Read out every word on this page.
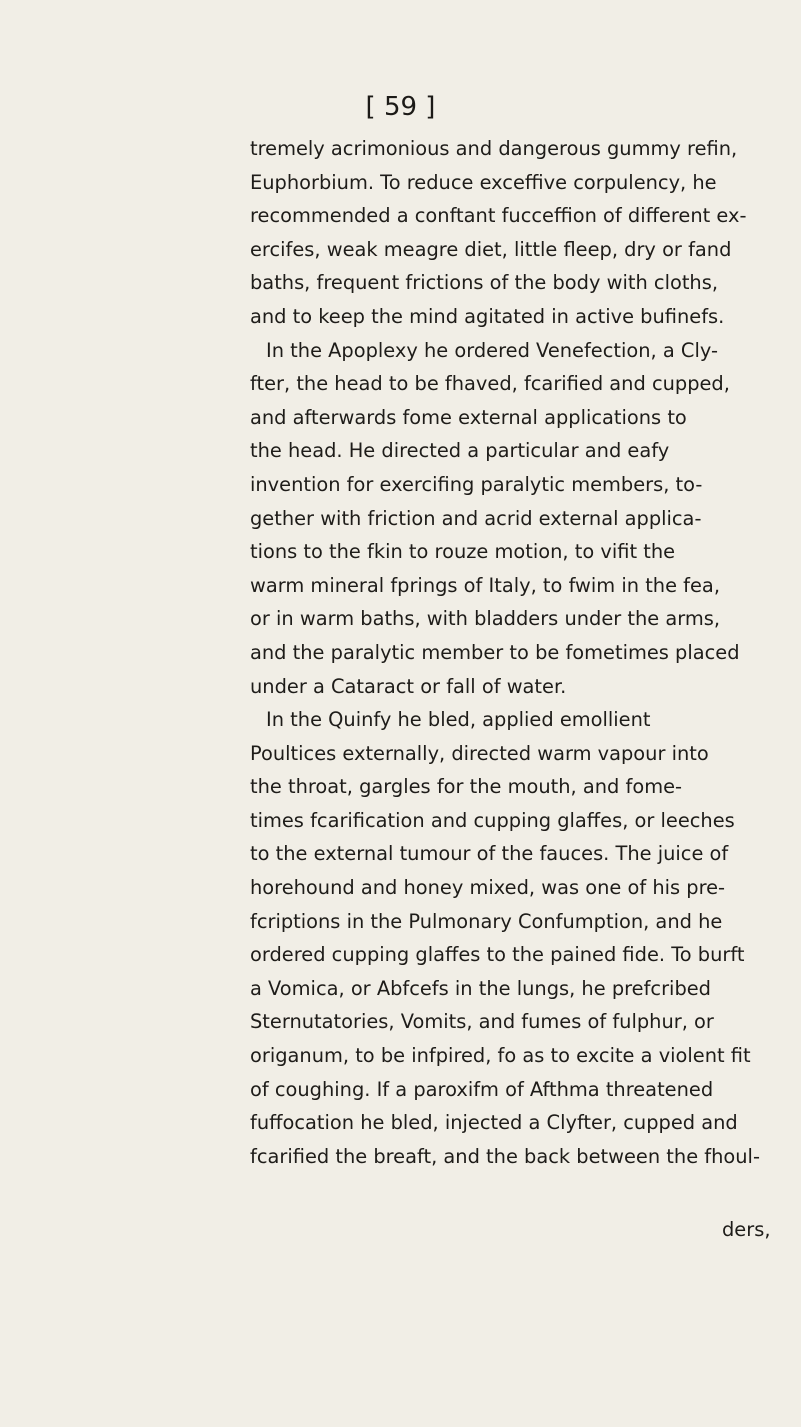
[ 59 ]
tremely acrimonious and dangerous gummy refin,
Euphorbium. To reduce exceffive corpulency, he
recommended a conftant fucceffion of different ex-
ercifes, weak meagre diet, little fleep, dry or fand
baths, frequent frictions of the body with cloths,
and to keep the mind agitated in active bufinefs.
In the Apoplexy he ordered Venefection, a Cly-
fter, the head to be fhaved, fcarified and cupped,
and afterwards fome external applications to
the head. He directed a particular and eafy
invention for exercifing paralytic members, to-
gether with friction and acrid external applica-
tions to the fkin to rouze motion, to vifit the
warm mineral fprings of Italy, to fwim in the fea,
or in warm baths, with bladders under the arms,
and the paralytic member to be fometimes placed
under a Cataract or fall of water.
In the Quinfy he bled, applied emollient
Poultices externally, directed warm vapour into
the throat, gargles for the mouth, and fome-
times fcarification and cupping glaffes, or leeches
to the external tumour of the fauces. The juice of
horehound and honey mixed, was one of his pre-
fcriptions in the Pulmonary Confumption, and he
ordered cupping glaffes to the pained fide. To burft
a Vomica, or Abfcefs in the lungs, he prefcribed
Sternutatories, Vomits, and fumes of fulphur, or
origanum, to be infpired, fo as to excite a violent fit
of coughing. If a paroxifm of Afthma threatened
fuffocation he bled, injected a Clyfter, cupped and
fcarified the breaft, and the back between the fhoul-
ders,
